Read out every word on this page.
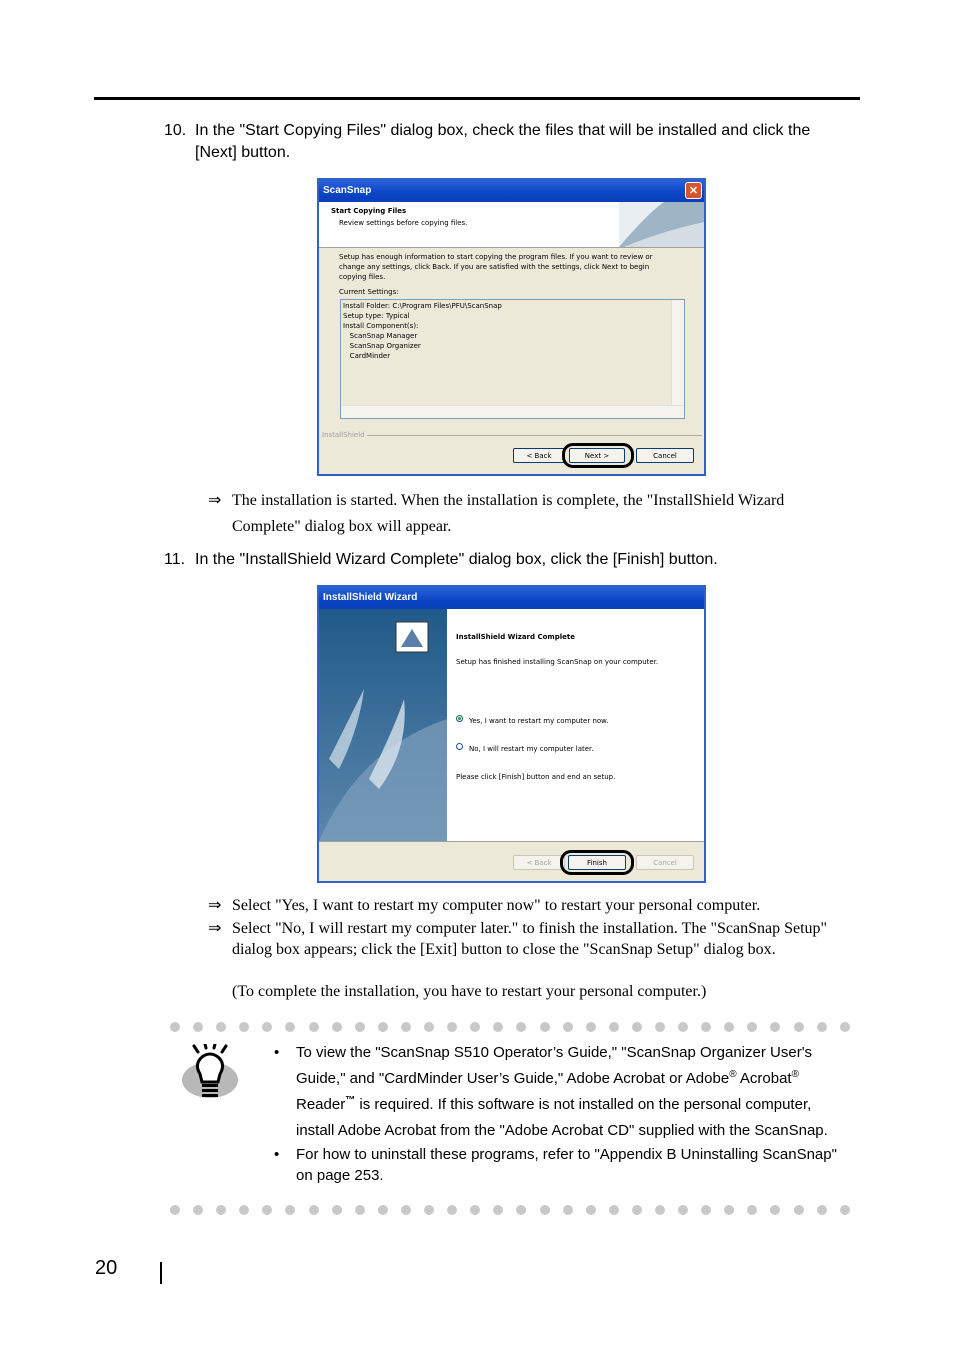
10. In the "Start Copying Files" dialog box, check the files that will be installed and click the [Next] button.
ScanSnap	✕
Start Copying Files
Review settings before copying files.
Setup has enough information to start copying the program files. If you want to review or change any settings, click Back. If you are satisfied with the settings, click Next to begin copying files.
Current Settings:
Install Folder: C:\Program Files\PFU\ScanSnap
Setup type: Typical
Install Component(s):
ScanSnap Manager
ScanSnap Organizer
CardMinder
InstallShield
< Back	Next >	Cancel
⇒ The installation is started. When the installation is complete, the "InstallShield Wizard Complete" dialog box will appear.
11. In the "InstallShield Wizard Complete" dialog box, click the [Finish] button.
InstallShield Wizard
InstallShield Wizard Complete
Setup has finished installing ScanSnap on your computer.
Yes, I want to restart my computer now.
No, I will restart my computer later.
Please click [Finish] button and end an setup.
< Back	Finish	Cancel
⇒ Select "Yes, I want to restart my computer now" to restart your personal computer.
⇒ Select "No, I will restart my computer later." to finish the installation. The "ScanSnap Setup" dialog box appears; click the [Exit] button to close the "ScanSnap Setup" dialog box.
(To complete the installation, you have to restart your personal computer.)
• To view the "ScanSnap S510 Operator’s Guide," "ScanSnap Organizer User's Guide," and "CardMinder User’s Guide," Adobe Acrobat or Adobe® Acrobat® Reader™ is required. If this software is not installed on the personal computer, install Adobe Acrobat from the "Adobe Acrobat CD" supplied with the ScanSnap.
• For how to uninstall these programs, refer to "Appendix B Uninstalling ScanSnap" on page 253.
20
